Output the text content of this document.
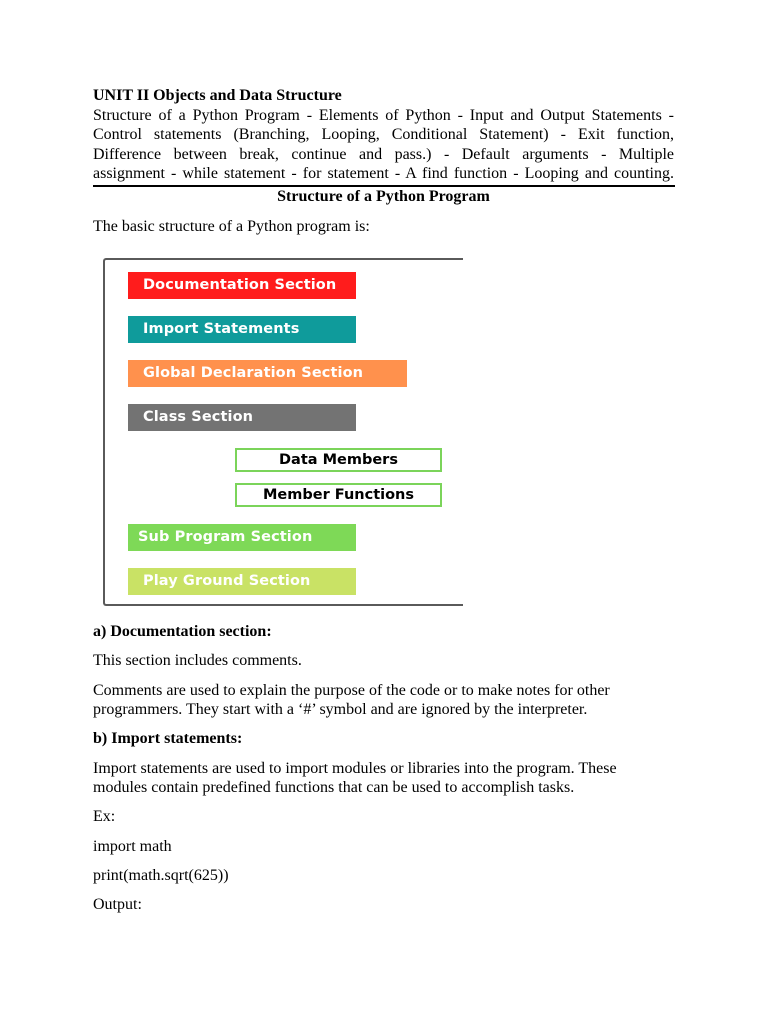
UNIT II Objects and Data Structure

Structure of a Python Program - Elements of Python - Input and Output Statements -

Control statements (Branching, Looping, Conditional Statement) - Exit function,

Difference between break, continue and pass.) - Default arguments - Multiple

assignment - while statement - for statement - A find function - Looping and counting.

Structure of a Python Program

The basic structure of a Python program is:

Documentation Section
Import Statements
Global Declaration Section
Class Section
Data Members
Member Functions
Sub Program Section
Play Ground Section

a) Documentation section:

This section includes comments.

Comments are used to explain the purpose of the code or to make notes for other

programmers. They start with a ‘#’ symbol and are ignored by the interpreter.

b) Import statements:

Import statements are used to import modules or libraries into the program. These

modules contain predefined functions that can be used to accomplish tasks.

Ex:

import math

print(math.sqrt(625))

Output:
